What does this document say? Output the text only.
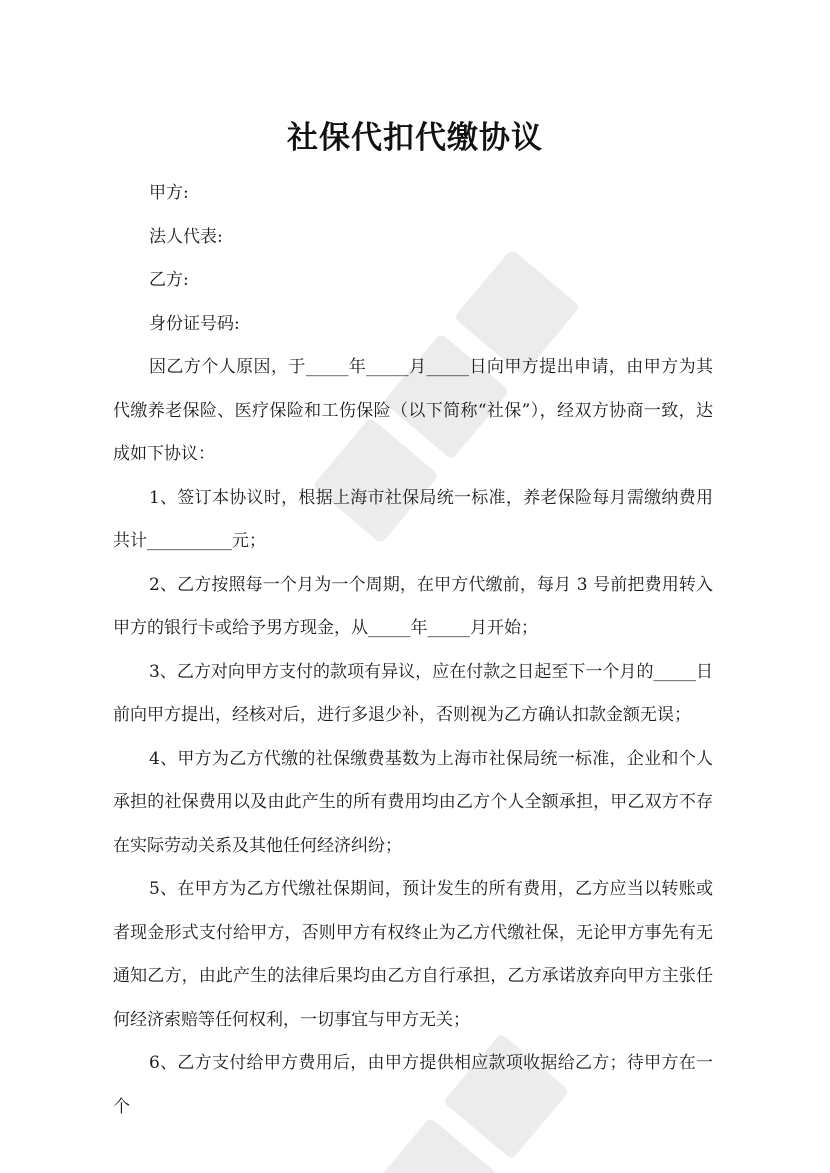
社保代扣代缴协议

甲方:

法人代表:

乙方:

身份证号码:

因乙方个人原因，于_____年_____月_____日向甲方提出申请，由甲方为其代缴养老保险、医疗保险和工伤保险（以下简称“社保”），经双方协商一致，达成如下协议：

1、签订本协议时，根据上海市社保局统一标准，养老保险每月需缴纳费用共计__________元；

2、乙方按照每一个月为一个周期，在甲方代缴前，每月 3 号前把费用转入甲方的银行卡或给予男方现金，从_____年_____月开始；

3、乙方对向甲方支付的款项有异议，应在付款之日起至下一个月的_____日前向甲方提出，经核对后，进行多退少补，否则视为乙方确认扣款金额无误；

4、甲方为乙方代缴的社保缴费基数为上海市社保局统一标准，企业和个人承担的社保费用以及由此产生的所有费用均由乙方个人全额承担，甲乙双方不存在实际劳动关系及其他任何经济纠纷；

5、在甲方为乙方代缴社保期间，预计发生的所有费用，乙方应当以转账或者现金形式支付给甲方，否则甲方有权终止为乙方代缴社保，无论甲方事先有无通知乙方，由此产生的法律后果均由乙方自行承担，乙方承诺放弃向甲方主张任何经济索赔等任何权利，一切事宜与甲方无关；

6、乙方支付给甲方费用后，由甲方提供相应款项收据给乙方；待甲方在一个
